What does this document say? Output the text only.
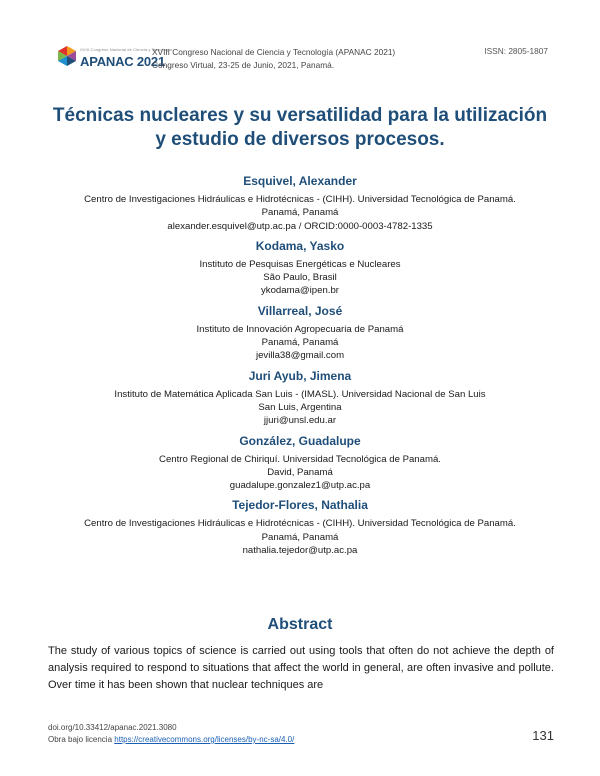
XVIII Congreso Nacional de Ciencia y Tecnología
APANAC 2021
XVIII Congreso Nacional de Ciencia y Tecnología (APANAC 2021)
Congreso Virtual, 23-25 de Junio, 2021, Panamá.
ISSN: 2805-1807
Técnicas nucleares y su versatilidad para la utilización
y estudio de diversos procesos.
Esquivel, Alexander
Centro de Investigaciones Hidráulicas e Hidrotécnicas - (CIHH). Universidad Tecnológica de Panamá.
Panamá, Panamá
alexander.esquivel@utp.ac.pa / ORCID:0000-0003-4782-1335
Kodama, Yasko
Instituto de Pesquisas Energéticas e Nucleares
São Paulo, Brasil
ykodama@ipen.br
Villarreal, José
Instituto de Innovación Agropecuaria de Panamá
Panamá, Panamá
jevilla38@gmail.com
Juri Ayub, Jimena
Instituto de Matemática Aplicada San Luis - (IMASL). Universidad Nacional de San Luis
San Luis, Argentina
jjuri@unsl.edu.ar
González, Guadalupe
Centro Regional de Chiriquí. Universidad Tecnológica de Panamá.
David, Panamá
guadalupe.gonzalez1@utp.ac.pa
Tejedor-Flores, Nathalia
Centro de Investigaciones Hidráulicas e Hidrotécnicas - (CIHH). Universidad Tecnológica de Panamá.
Panamá, Panamá
nathalia.tejedor@utp.ac.pa
Abstract

The study of various topics of science is carried out using tools that often do not achieve the depth of analysis required to respond to situations that affect the world in general, are often invasive and pollute. Over time it has been shown that nuclear techniques are

doi.org/10.33412/apanac.2021.3080
Obra bajo licencia https://creativecommons.org/licenses/by-nc-sa/4.0/	131
